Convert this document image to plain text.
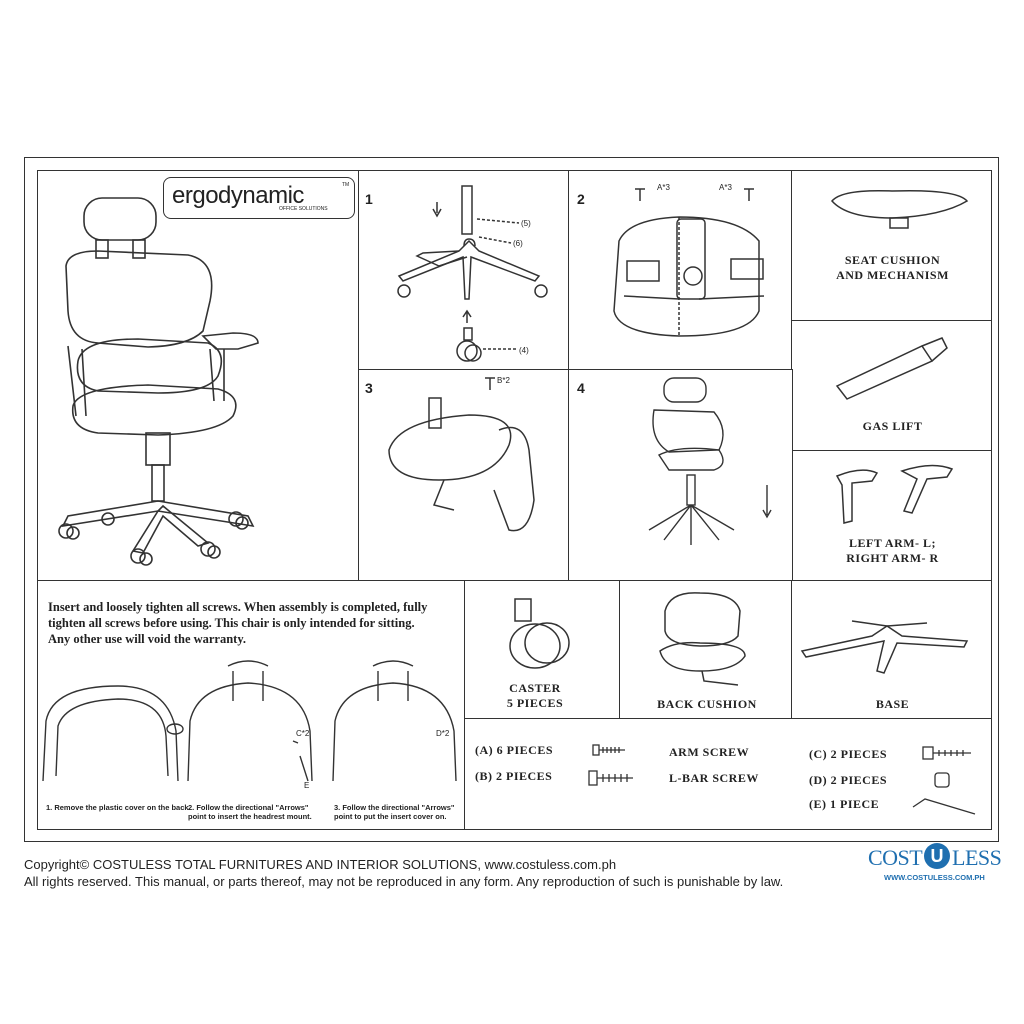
ergodynamic	TM
OFFICE SOLUTIONS
1
(5)
(6)
(4)
2
A*3	A*3
SEAT CUSHION
AND MECHANISM
GAS LIFT
LEFT ARM- L;
RIGHT ARM- R
3	B*2	4
Insert and loosely tighten all screws. When assembly is completed, fully
tighten all screws before using. This chair is only intended for sitting.
Any other use will void the warranty.
C*2
E
D*2
1. Remove the plastic cover on the back.
2. Follow the directional "Arrows"
point to insert the headrest mount.
3. Follow the directional "Arrows"
point to put the insert cover on.
CASTER
5 PIECES	BACK CUSHION	BASE
(A) 6 PIECES
(B) 2 PIECES
ARM SCREW
L-BAR SCREW
(C) 2 PIECES
(D) 2 PIECES
(E) 1 PIECE
Copyright© COSTULESS TOTAL FURNITURES AND INTERIOR SOLUTIONS, www.costuless.com.ph
All rights reserved. This manual, or parts thereof, may not be reproduced in any form. Any reproduction of such is punishable by law.
COST U LESS
WWW.COSTULESS.COM.PH
